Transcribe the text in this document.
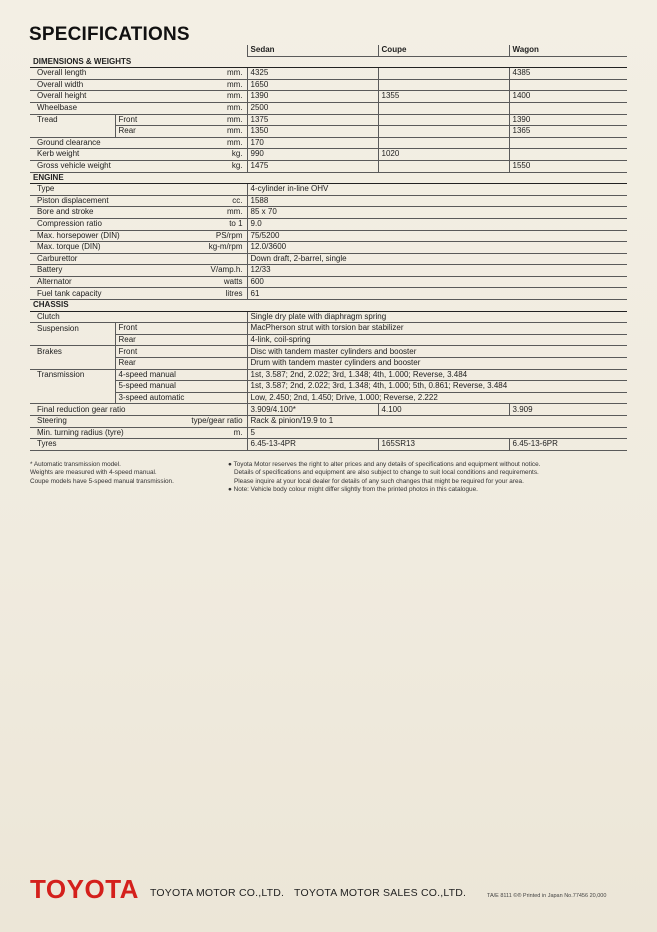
SPECIFICATIONS
			Sedan	Coupe	Wagon
DIMENSIONS & WEIGHTS					
Overall length		mm.	4325		4385
Overall width		mm.	1650		
Overall height		mm.	1390	1355	1400
Wheelbase		mm.	2500		
Tread	Front	mm.	1375		1390
	Rear	mm.	1350		1365
Ground clearance		mm.	170		
Kerb weight		kg.	990	1020	
Gross vehicle weight		kg.	1475		1550
ENGINE					
Type			4-cylinder in-line OHV		
Piston displacement		cc.	1588		
Bore and stroke		mm.	85 x 70		
Compression ratio		to 1	9.0		
Max. horsepower (DIN)		PS/rpm	75/5200		
Max. torque (DIN)		kg-m/rpm	12.0/3600		
Carburettor			Down draft, 2-barrel, single		
Battery		V/amp.h.	12/33		
Alternator		watts	600		
Fuel tank capacity		litres	61		
CHASSIS					
Clutch			Single dry plate with diaphragm spring		
Suspension	Front		MacPherson strut with torsion bar stabilizer		
	Rear		4-link, coil-spring		
Brakes	Front		Disc with tandem master cylinders and booster		
	Rear		Drum with tandem master cylinders and booster		
Transmission	4-speed manual		1st, 3.587; 2nd, 2.022; 3rd, 1.348; 4th, 1.000; Reverse, 3.484		
	5-speed manual		1st, 3.587; 2nd, 2.022; 3rd, 1.348; 4th, 1.000; 5th, 0.861; Reverse, 3.484		
	3-speed automatic		Low, 2.450; 2nd, 1.450; Drive, 1.000; Reverse, 2.222		
Final reduction gear ratio			3.909/4.100*	4.100	3.909
Steering	type/gear ratio		Rack & pinion/19.9 to 1		
Min. turning radius (tyre)		m.	5		
Tyres			6.45-13-4PR	165SR13	6.45-13-6PR
* Automatic transmission model.
Weights are measured with 4-speed manual.
Coupe models have 5-speed manual transmission.
● Toyota Motor reserves the right to alter prices and any details of specifications and equipment without notice.
Details of specifications and equipment are also subject to change to suit local conditions and requirements.
Please inquire at your local dealer for details of any such changes that might be required for your area.
● Note: Vehicle body colour might differ slightly from the printed photos in this catalogue.
TOYOTA TOYOTA MOTOR CO.,LTD. TOYOTA MOTOR SALES CO.,LTD.	TA/E 8111 ©® Printed in Japan No.77456 20,000
